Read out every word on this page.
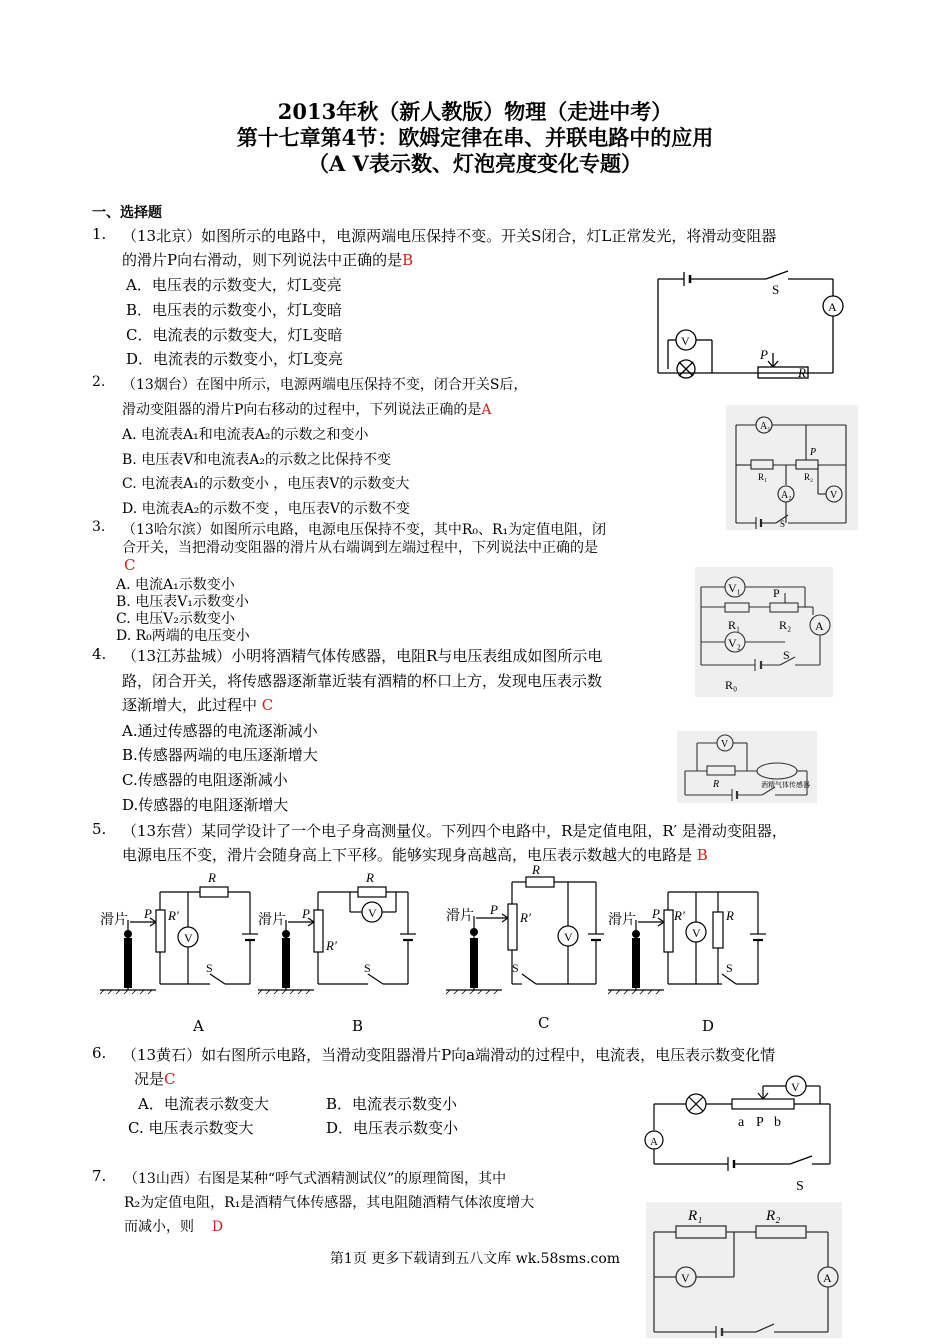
2013年秋（新人教版）物理（走进中考）
第十七章第4节：欧姆定律在串、并联电路中的应用
（A V表示数、灯泡亮度变化专题）
一、选择题
1. （13北京）如图所示的电路中，电源两端电压保持不变。开关S闭合，灯L正常发光，将滑动变阻器
的滑片P向右滑动，则下列说法中正确的是B
A．电压表的示数变大，灯L变亮
B．电压表的示数变小，灯L变暗
C．电流表的示数变大，灯L变暗
D．电流表的示数变小，灯L变亮
S
A
V
P
R
2. （13烟台）在图中所示，电源两端电压保持不变，闭合开关S后，
滑动变阻器的滑片P向右移动的过程中，下列说法正确的是A
A. 电流表A₁和电流表A₂的示数之和变小
B. 电压表V和电流表A₂的示数之比保持不变
C. 电流表A₁的示数变小 ，电压表V的示数变大
D. 电流表A₂的示数不变 ，电压表V的示数不变
A₁
P
R₁	R₂
A₂	V
S
3. （13哈尔滨）如图所示电路，电源电压保持不变，其中R₀、R₁为定值电阻，闭
合开关，当把滑动变阻器的滑片从右端调到左端过程中，下列说法中正确的是
C
A. 电流A₁示数变小
B. 电压表V₁示数变小
C. 电压V₂示数变小
D. R₀两端的电压变小
V₁	P
R₁	R₂ A
V₂
S
R₀
4. （13江苏盐城）小明将酒精气体传感器，电阻R与电压表组成如图所示电
路，闭合开关，将传感器逐渐靠近装有酒精的杯口上方，发现电压表示数
逐渐增大，此过程中 C
A.通过传感器的电流逐渐减小
B.传感器两端的电压逐渐增大
C.传感器的电阻逐渐减小
D.传感器的电阻逐渐增大
V
R	酒精气体传感器
5. （13东营）某同学设计了一个电子身高测量仪。下列四个电路中，R是定值电阻，R′ 是滑动变阻器，
电源电压不变，滑片会随身高上下平移。能够实现身高越高，电压表示数越大的电路是 B
滑片 P R′
R
V
S
A
滑片 P
R′
R
V
S
B
滑片 P
R′
R
V
S
C
滑片 P R′	R
V
S
D
6. （13黄石）如右图所示电路，当滑动变阻器滑片P向a端滑动的过程中，电流表，电压表示数变化情
况是C
A．电流表示数变大	B．电流表示数变小
C. 电压表示数变大	D．电压表示数变小
V
A
a P b
S
7. （13山西）右图是某种“呼气式酒精测试仪”的原理简图，其中
R₂为定值电阻，R₁是酒精气体传感器，其电阻随酒精气体浓度增大
而减小，则 D
R₁	R₂
V	A
第1页 更多下载请到五八文库 wk.58sms.com
